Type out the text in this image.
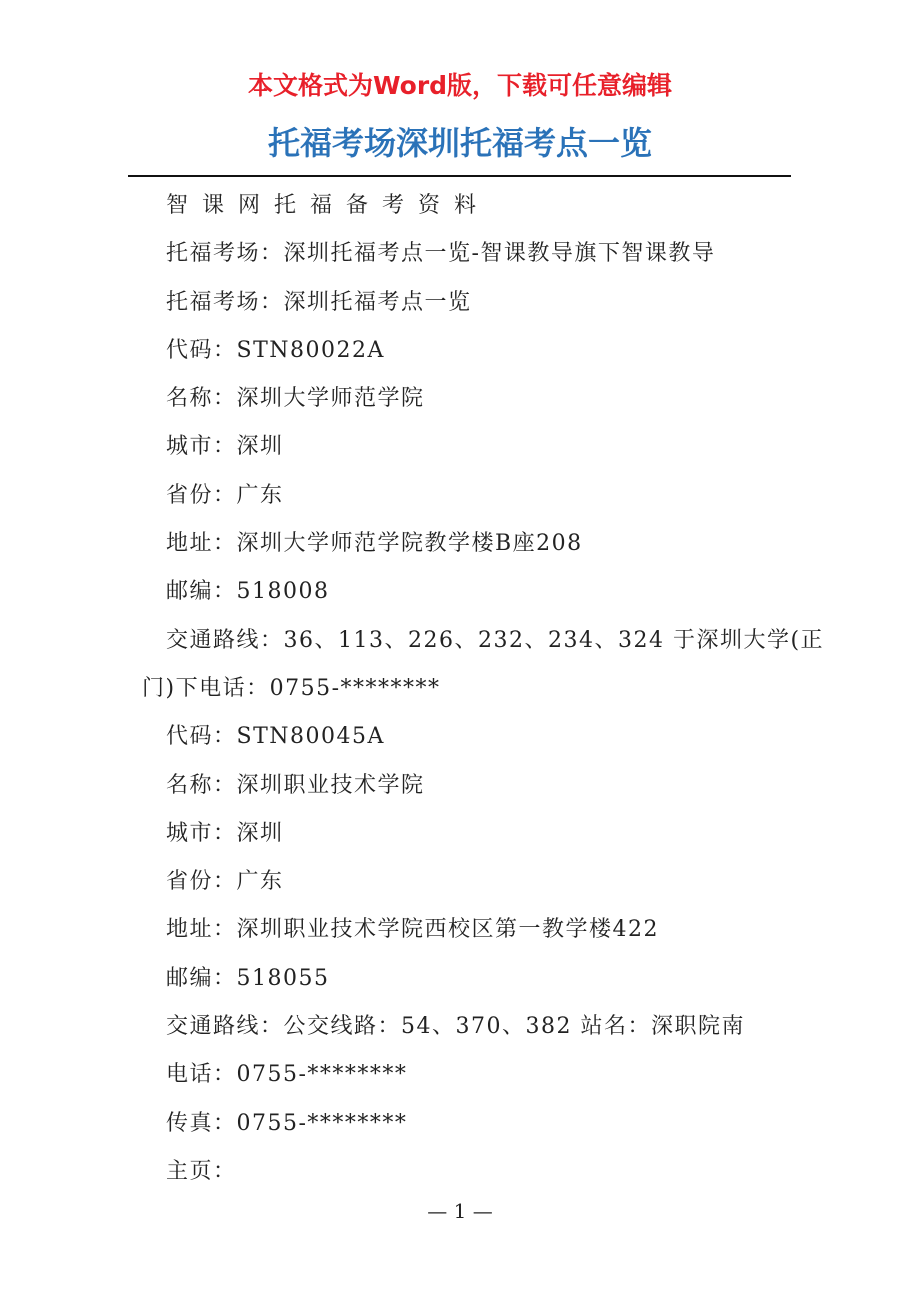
本文格式为Word版，下载可任意编辑
托福考场深圳托福考点一览
智课网托福备考资料
托福考场：深圳托福考点一览-智课教导旗下智课教导
托福考场：深圳托福考点一览
代码：STN80022A
名称：深圳大学师范学院
城市：深圳
省份：广东
地址：深圳大学师范学院教学楼B座208
邮编：518008
交通路线：36、113、226、232、234、324 于深圳大学(正
门)下电话：0755-********
代码：STN80045A
名称：深圳职业技术学院
城市：深圳
省份：广东
地址：深圳职业技术学院西校区第一教学楼422
邮编：518055
交通路线：公交线路：54、370、382 站名：深职院南
电话：0755-********
传真：0755-********
主页：
— 1 —
